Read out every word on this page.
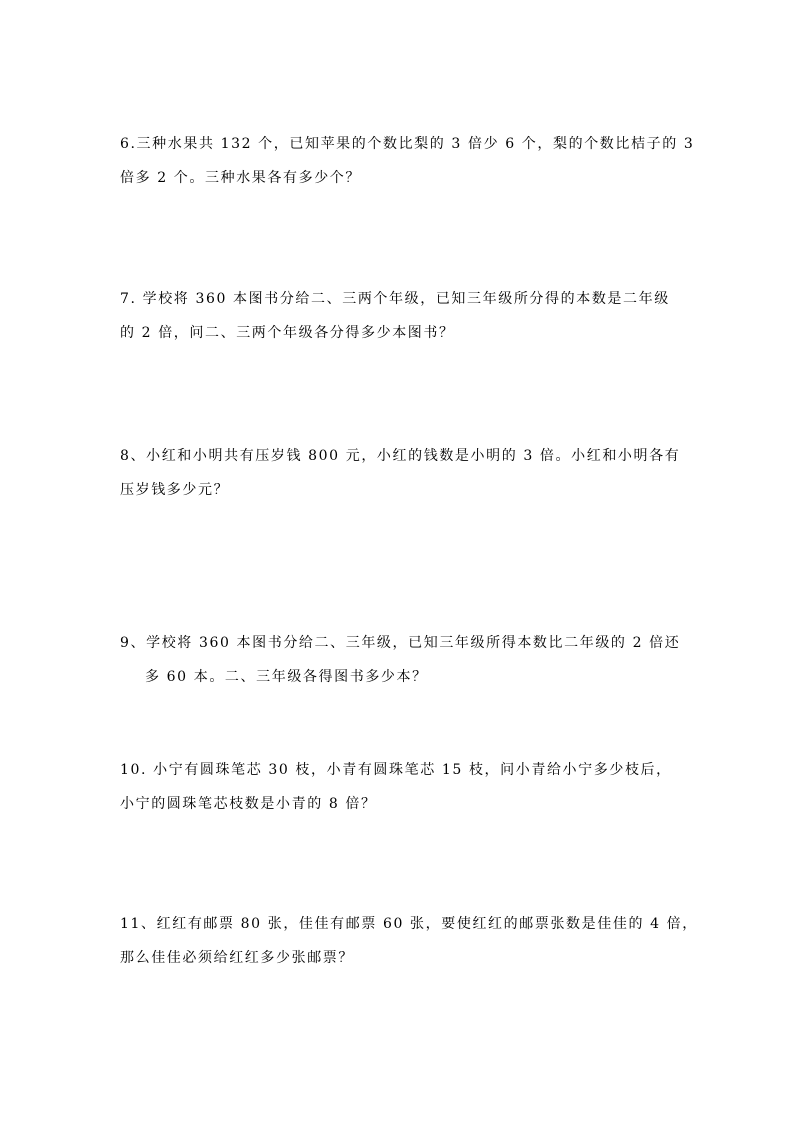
6.三种水果共 132 个，已知苹果的个数比梨的 3 倍少 6 个，梨的个数比桔子的 3
倍多 2 个。三种水果各有多少个？
7. 学校将 360 本图书分给二、三两个年级，已知三年级所分得的本数是二年级
的 2 倍，问二、三两个年级各分得多少本图书？
8、小红和小明共有压岁钱 800 元，小红的钱数是小明的 3 倍。小红和小明各有
压岁钱多少元？
9、学校将 360 本图书分给二、三年级，已知三年级所得本数比二年级的 2 倍还
多 60 本。二、三年级各得图书多少本？
10. 小宁有圆珠笔芯 30 枝，小青有圆珠笔芯 15 枝，问小青给小宁多少枝后，
小宁的圆珠笔芯枝数是小青的 8 倍？
11、红红有邮票 80 张，佳佳有邮票 60 张，要使红红的邮票张数是佳佳的 4 倍，
那么佳佳必须给红红多少张邮票？
